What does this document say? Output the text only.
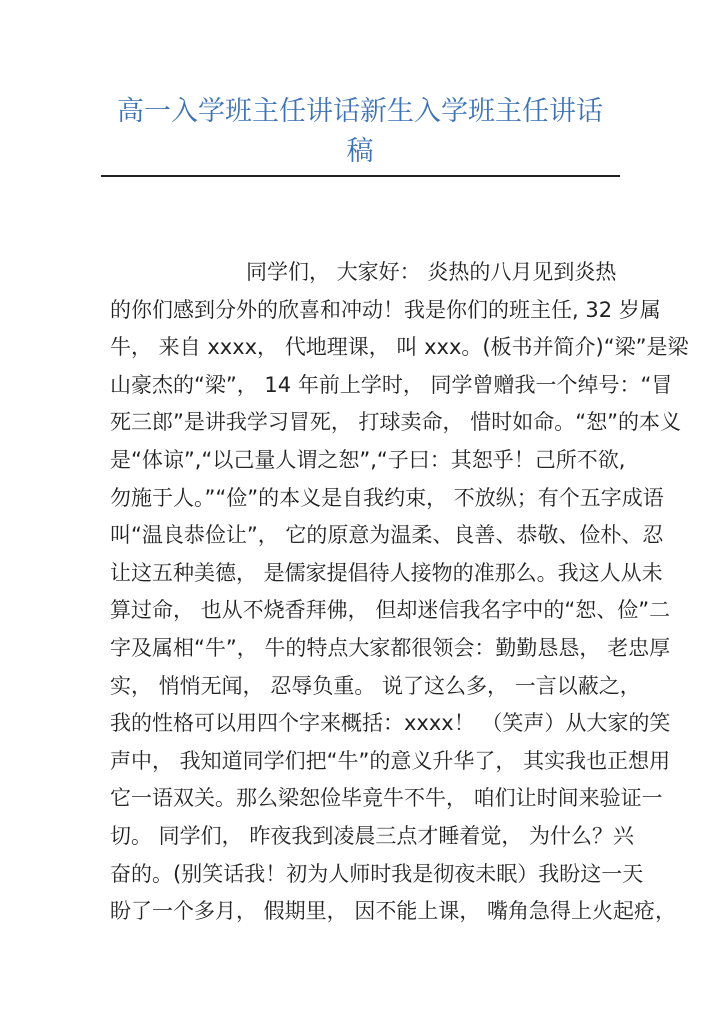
高一入学班主任讲话新生入学班主任讲话
稿
同学们， 大家好： 炎热的八月见到炎热
的你们感到分外的欣喜和冲动！我是你们的班主任, 32 岁属
牛， 来自 xxxx， 代地理课， 叫 xxx。(板书并简介)“梁”是梁
山豪杰的“梁”， 14 年前上学时， 同学曾赠我一个绰号：“冒
死三郎”是讲我学习冒死， 打球卖命， 惜时如命。“恕”的本义
是“体谅”,“以己量人谓之恕”,“子曰：其恕乎！己所不欲,
勿施于人。”“俭”的本义是自我约束， 不放纵；有个五字成语
叫“温良恭俭让”， 它的原意为温柔、良善、恭敬、俭朴、忍
让这五种美德， 是儒家提倡待人接物的准那么。我这人从未
算过命， 也从不烧香拜佛， 但却迷信我名字中的“恕、俭”二
字及属相“牛”， 牛的特点大家都很领会：勤勤恳恳， 老忠厚
实， 悄悄无闻， 忍辱负重。 说了这么多， 一言以蔽之，
我的性格可以用四个字来概括：xxxx！ （笑声）从大家的笑
声中， 我知道同学们把“牛”的意义升华了， 其实我也正想用
它一语双关。那么梁恕俭毕竟牛不牛， 咱们让时间来验证一
切。 同学们， 昨夜我到凌晨三点才睡着觉， 为什么？兴
奋的。(别笑话我！初为人师时我是彻夜未眠）我盼这一天
盼了一个多月， 假期里， 因不能上课， 嘴角急得上火起疮，
